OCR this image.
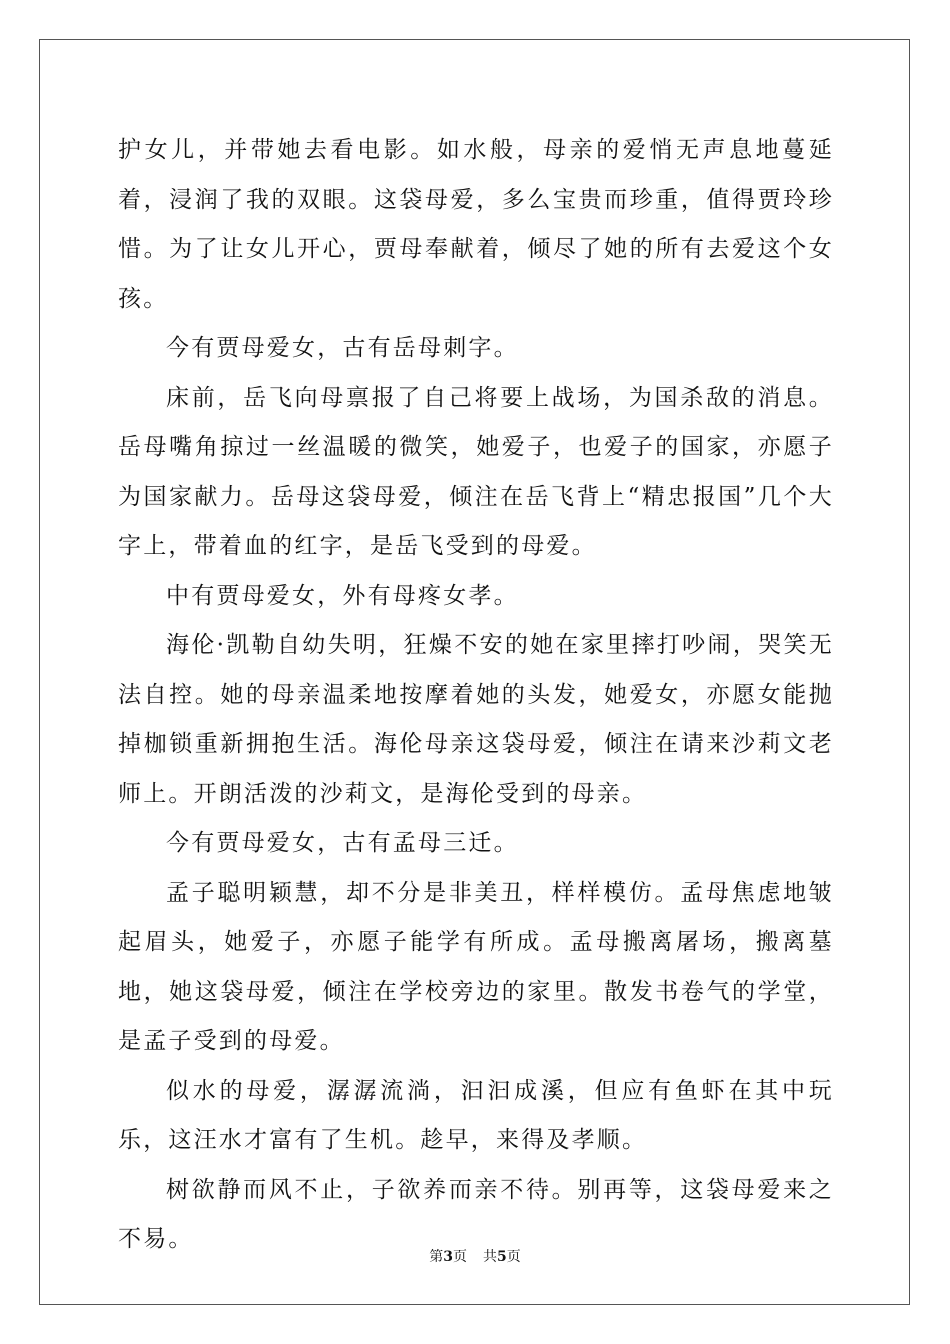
护女儿，并带她去看电影。如水般，母亲的爱悄无声息地蔓延着，浸润了我的双眼。这袋母爱，多么宝贵而珍重，值得贾玲珍惜。为了让女儿开心，贾母奉献着，倾尽了她的所有去爱这个女孩。

今有贾母爱女，古有岳母刺字。

床前，岳飞向母禀报了自己将要上战场，为国杀敌的消息。岳母嘴角掠过一丝温暖的微笑，她爱子，也爱子的国家，亦愿子为国家献力。岳母这袋母爱，倾注在岳飞背上“精忠报国”几个大字上，带着血的红字，是岳飞受到的母爱。

中有贾母爱女，外有母疼女孝。

海伦·凯勒自幼失明，狂燥不安的她在家里摔打吵闹，哭笑无法自控。她的母亲温柔地按摩着她的头发，她爱女，亦愿女能抛掉枷锁重新拥抱生活。海伦母亲这袋母爱，倾注在请来沙莉文老师上。开朗活泼的沙莉文，是海伦受到的母亲。

今有贾母爱女，古有孟母三迁。

孟子聪明颖慧，却不分是非美丑，样样模仿。孟母焦虑地皱起眉头，她爱子，亦愿子能学有所成。孟母搬离屠场，搬离墓地，她这袋母爱，倾注在学校旁边的家里。散发书卷气的学堂，是孟子受到的母爱。

似水的母爱，潺潺流淌，汩汩成溪，但应有鱼虾在其中玩乐，这汪水才富有了生机。趁早，来得及孝顺。

树欲静而风不止，子欲养而亲不待。别再等，这袋母爱来之不易。

第3页 共5页
